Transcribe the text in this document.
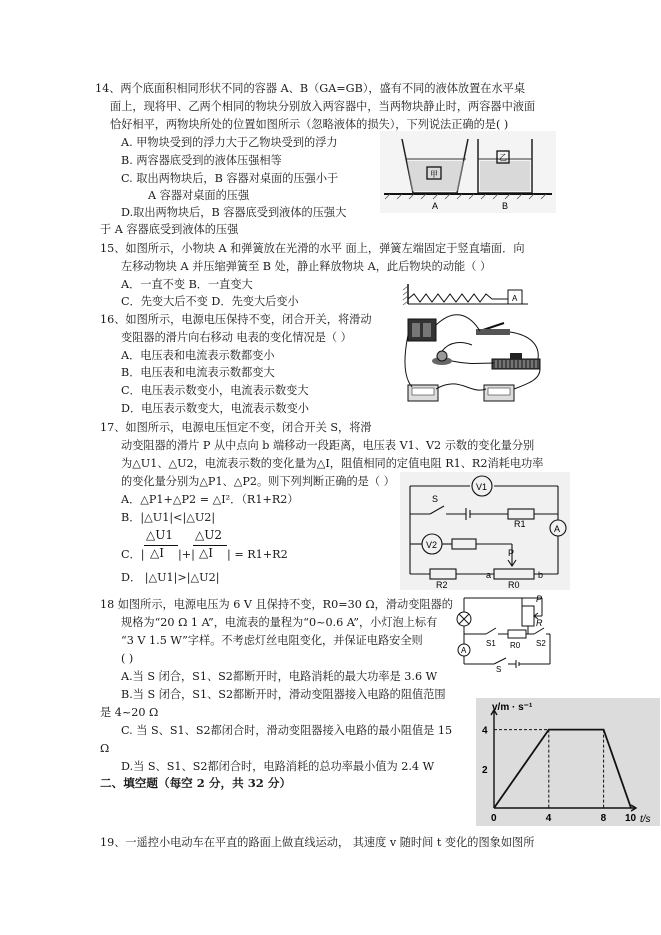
14、两个底面积相同形状不同的容器 A、B（GA=GB），盛有不同的液体放置在水平桌
面上，现将甲、乙两个相同的物块分别放入两容器中，当两物块静止时，两容器中液面
恰好相平，两物块所处的位置如图所示（忽略液体的损失），下列说法正确的是( )
A. 甲物块受到的浮力大于乙物块受到的浮力
B. 两容器底受到的液体压强相等
C. 取出两物块后，B 容器对桌面的压强小于
A 容器对桌面的压强
D.取出两物块后，B 容器底受到液体的压强大
于 A 容器底受到液体的压强
甲
乙
A	B
15、如图所示，小物块 A 和弹簧放在光滑的水平 面上，弹簧左端固定于竖直墙面．向
左移动物块 A 并压缩弹簧至 B 处，静止释放物块 A，此后物块的动能（ ）
A．一直不变 B．一直变大
C．先变大后不变 D．先变大后变小	A
16、如图所示，电源电压保持不变，闭合开关，将滑动
变阻器的滑片向右移动 电表的变化情况是（ ）
A．电压表和电流表示数都变小
B．电压表和电流表示数都变大
C．电压表示数变小，电流表示数变大
D．电压表示数变大，电流表示数变小
17、如图所示，电源电压恒定不变，闭合开关 S，将滑
动变阻器的滑片 P 从中点向 b 端移动一段距离，电压表 V1、V2 示数的变化量分别
为△U1、△U2，电流表示数的变化量为△I，阻值相同的定值电阻 R1、R2消耗电功率
的变化量分别为△P1、△P2。则下列判断正确的是（ ）
A．△P1+△P2 = △I²．（R1+R2）
B．|△U1|<|△U2|
C．|
△U1
△I |+|
△U2
△I | = R1+R2
D． |△U1|>|△U2|
V1
A
V2
S
R1
P
R2
a
R0
b
18 如图所示，电源电压为 6 V 且保持不变，R0=30 Ω，滑动变阻器的
规格为“20 Ω 1 A”，电流表的量程为“0~0.6 A”，小灯泡上标有
“3 V 1.5 W”字样。不考虑灯丝电阻变化，并保证电路安全则
( )
A.当 S 闭合，S1、S2都断开时，电路消耗的最大功率是 3.6 W
B.当 S 闭合，S1、S2都断开时，滑动变阻器接入电路的阻值范围
是 4~20 Ω
C. 当 S、S1、S2都闭合时，滑动变阻器接入电路的最小阻值是 15
Ω
D.当 S、S1、S2都闭合时，电路消耗的总功率最小值为 2.4 W
A
P
R
S1 R0 S2
S
二、填空题（每空 2 分，共 32 分）
19、一遥控小电动车在平直的路面上做直线运动， 其速度 v 随时间 t 变化的图象如图所
0	4	8 10
2
4
v/m · s⁻¹
t/s
